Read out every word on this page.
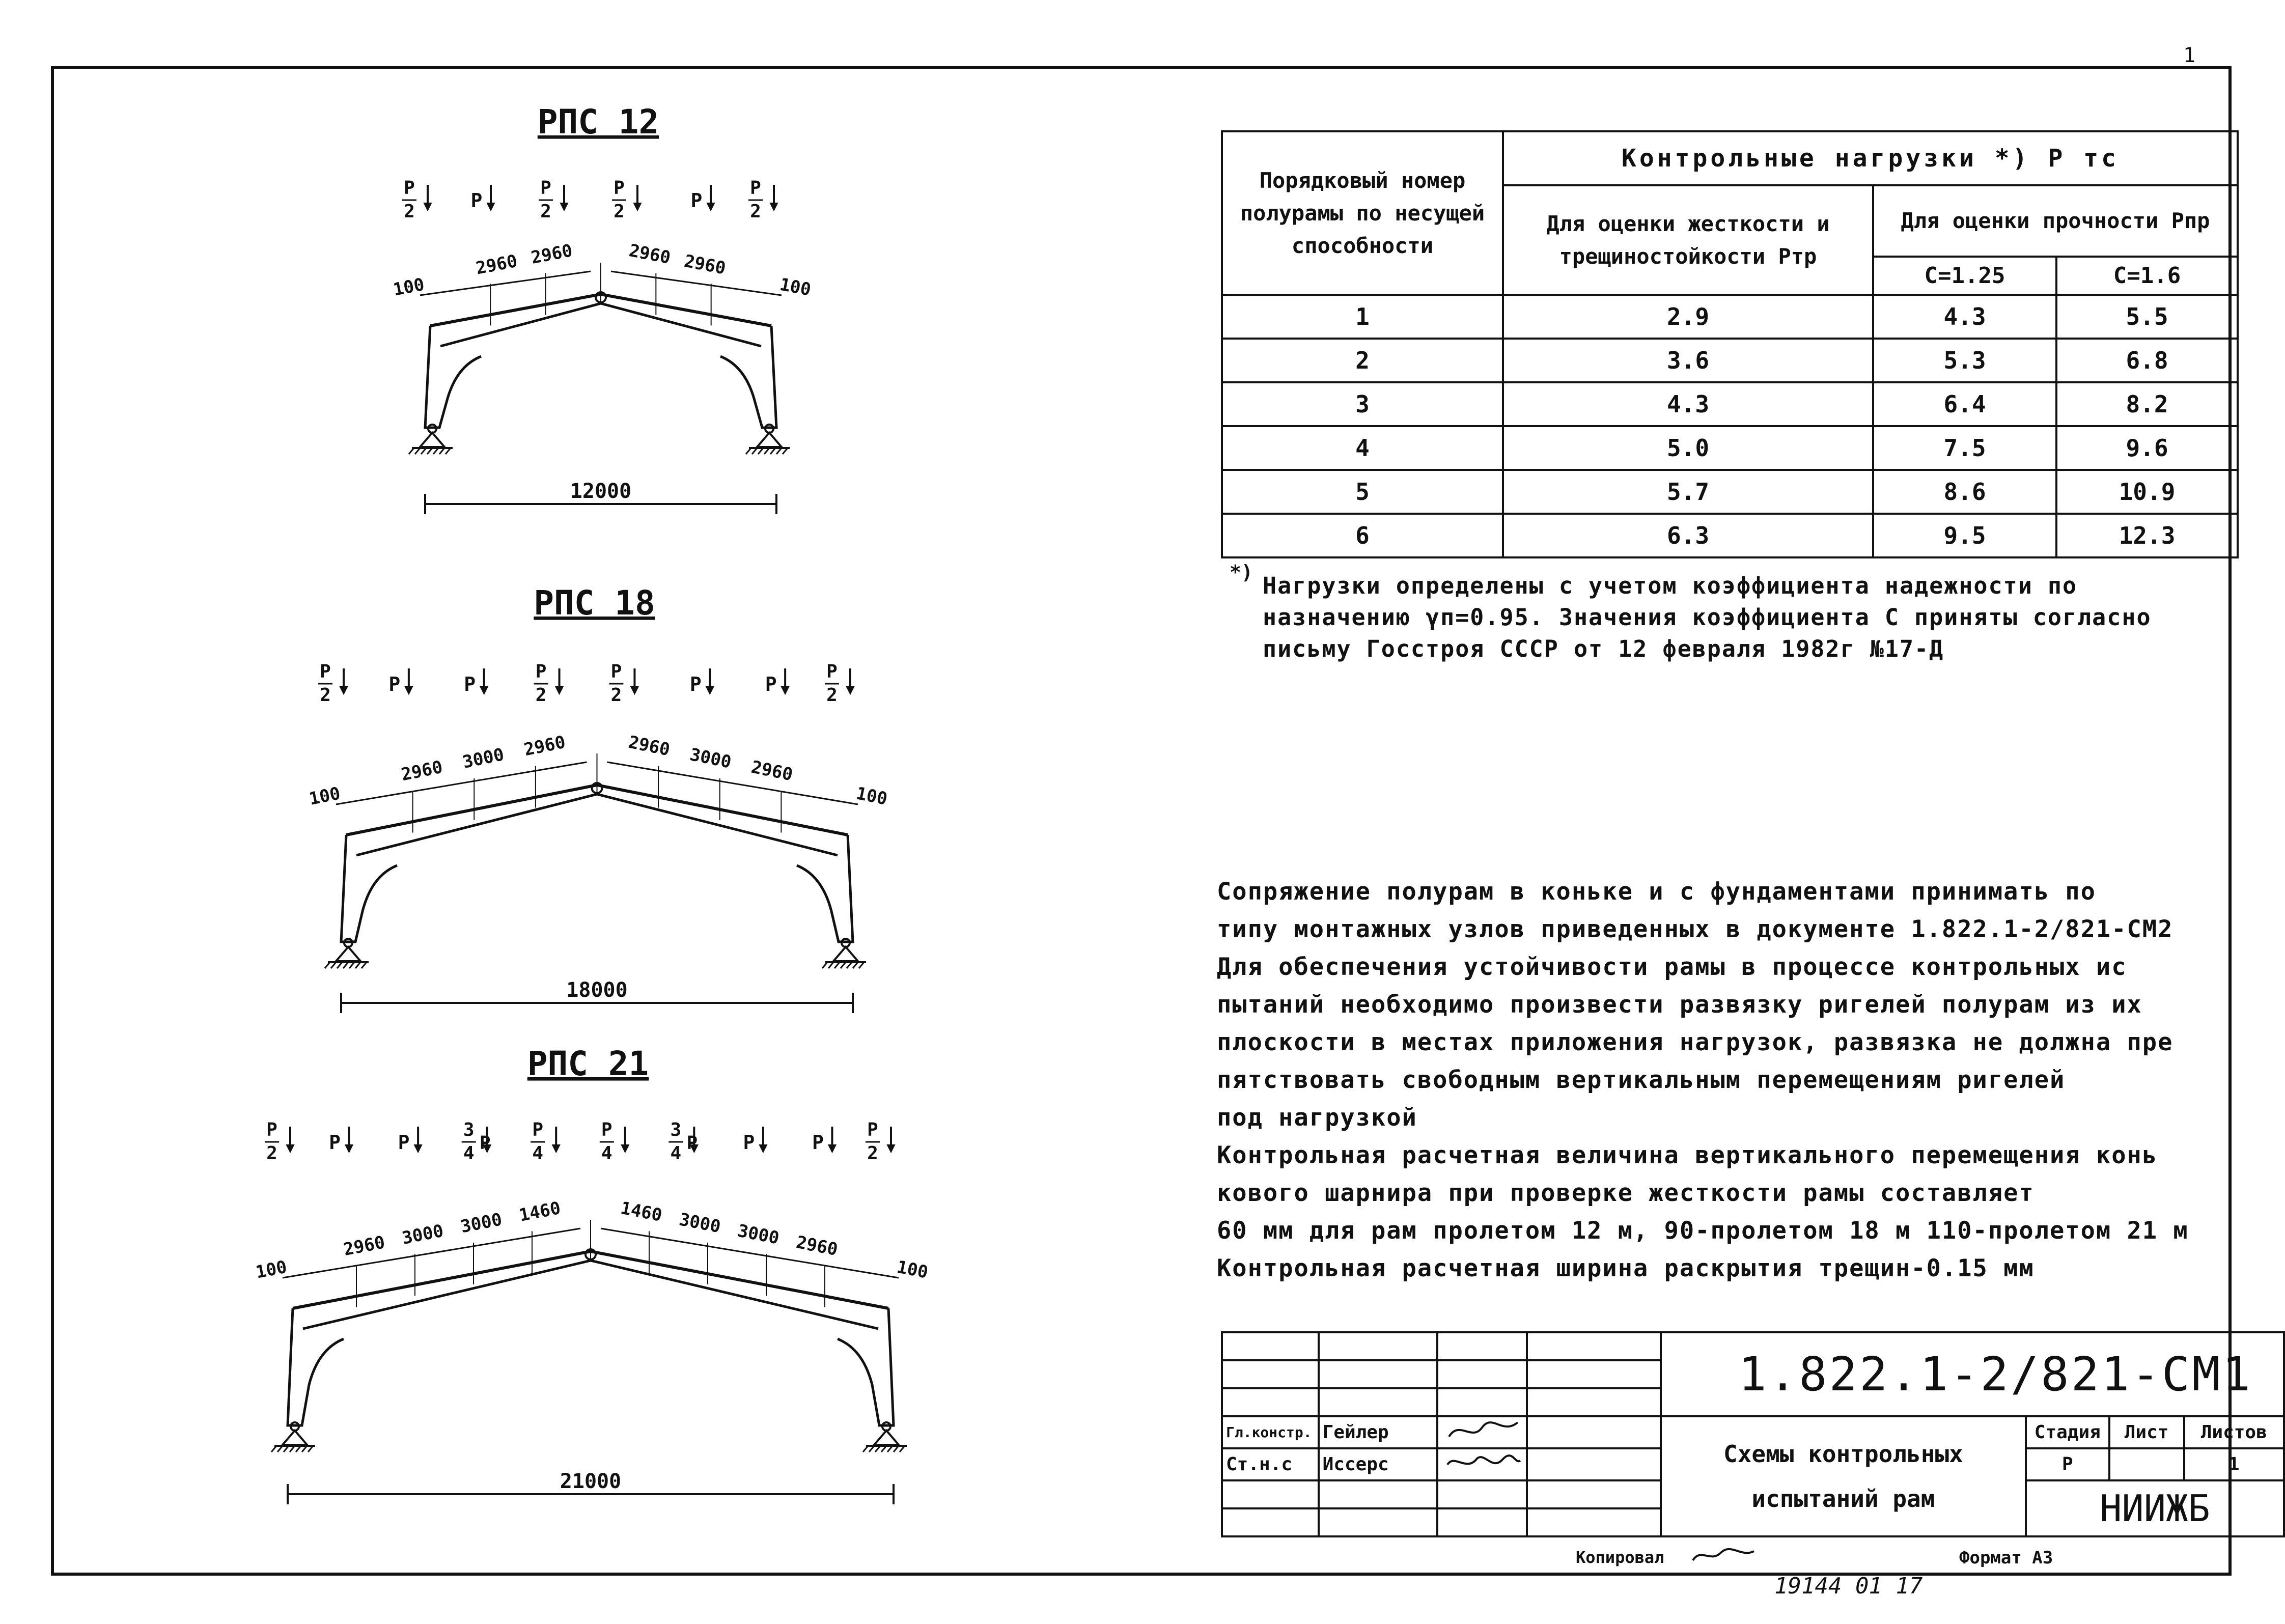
1
РПС 12
100
2960 2960	2960 2960
100
P
2	P
P
2
P
2	P
P
2
12000
РПС 18
100
2960 3000 2960	2960 3000 2960
100
P
2	P	P
P
2
P
2	P	P
P
2
18000
РПС 21
100
2960 3000 3000 1460	1460 3000 3000 2960
100
P
2	P	P
3
4 P
P
4
P
4
3
4 P P	P
P
2
21000
Порядковый номер полурамы по несущей способности	Контрольные нагрузки *) Р тс		
	Для оценки жесткости и трещиностойкости Ртр	Для оценки прочности Рпр	
		С=1.25	С=1.6
1	2.9	4.3	5.5
2	3.6	5.3	6.8
3	4.3	6.4	8.2
4	5.0	7.5	9.6
5	5.7	8.6	10.9
6	6.3	9.5	12.3
*) Нагрузки определены с учетом коэффициента надежности по
назначению γп=0.95. Значения коэффициента С приняты согласно
письму Госстроя СССР от 12 февраля 1982г №17-Д
Сопряжение полурам в коньке и с фундаментами принимать по
типу монтажных узлов приведенных в документе 1.822.1-2/821-СМ2
Для обеспечения устойчивости рамы в процессе контрольных ис
пытаний необходимо произвести развязку ригелей полурам из их
плоскости в местах приложения нагрузок, развязка не должна пре
пятствовать свободным вертикальным перемещениям ригелей
под нагрузкой
Контрольная расчетная величина вертикального перемещения конь
кового шарнира при проверке жесткости рамы составляет
60 мм для рам пролетом 12 м, 90-пролетом 18 м 110-пролетом 21 м
Контрольная расчетная ширина раскрытия трещин-0.15 мм
				1.822.1-2/821-СМ1			

Гл.констр.	Гейлер			Схемы контрольных
испытаний рам	Стадия	Лист	Листов
Ст.н.с	Иссерс				Р		1
					НИИЖБ		

Копировал	Формат А3
19144 01 17
